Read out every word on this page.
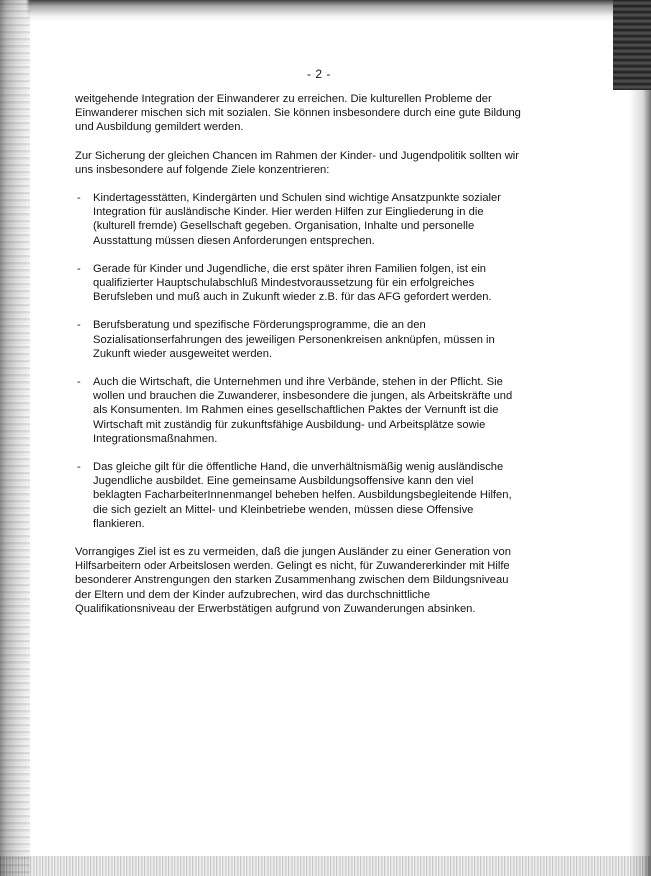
- 2 -

weitgehende Integration der Einwanderer zu erreichen. Die kulturellen Probleme der Einwanderer mischen sich mit sozialen. Sie können insbesondere durch eine gute Bildung und Ausbildung gemildert werden.

Zur Sicherung der gleichen Chancen im Rahmen der Kinder- und Jugendpolitik sollten wir uns insbesondere auf folgende Ziele konzentrieren:

- Kindertagesstätten, Kindergärten und Schulen sind wichtige Ansatzpunkte sozialer Integration für ausländische Kinder. Hier werden Hilfen zur Eingliederung in die (kulturell fremde) Gesellschaft gegeben. Organisation, Inhalte und personelle Ausstattung müssen diesen Anforderungen entsprechen.
- Gerade für Kinder und Jugendliche, die erst später ihren Familien folgen, ist ein qualifizierter Hauptschulabschluß Mindestvoraussetzung für ein erfolgreiches Berufsleben und muß auch in Zukunft wieder z.B. für das AFG gefordert werden.
- Berufsberatung und spezifische Förderungsprogramme, die an den Sozialisationserfahrungen des jeweiligen Personenkreisen anknüpfen, müssen in Zukunft wieder ausgeweitet werden.
- Auch die Wirtschaft, die Unternehmen und ihre Verbände, stehen in der Pflicht. Sie wollen und brauchen die Zuwanderer, insbesondere die jungen, als Arbeitskräfte und als Konsumenten. Im Rahmen eines gesellschaftlichen Paktes der Vernunft ist die Wirtschaft mit zuständig für zukunftsfähige Ausbildung- und Arbeitsplätze sowie Integrationsmaßnahmen.
- Das gleiche gilt für die öffentliche Hand, die unverhältnismäßig wenig ausländische Jugendliche ausbildet. Eine gemeinsame Ausbildungsoffensive kann den viel beklagten FacharbeiterInnenmangel beheben helfen. Ausbildungsbegleitende Hilfen, die sich gezielt an Mittel- und Kleinbetriebe wenden, müssen diese Offensive flankieren.

Vorrangiges Ziel ist es zu vermeiden, daß die jungen Ausländer zu einer Generation von Hilfsarbeitern oder Arbeitslosen werden. Gelingt es nicht, für Zuwandererkinder mit Hilfe besonderer Anstrengungen den starken Zusammenhang zwischen dem Bildungsniveau der Eltern und dem der Kinder aufzubrechen, wird das durchschnittliche Qualifikationsniveau der Erwerbstätigen aufgrund von Zuwanderungen absinken.
